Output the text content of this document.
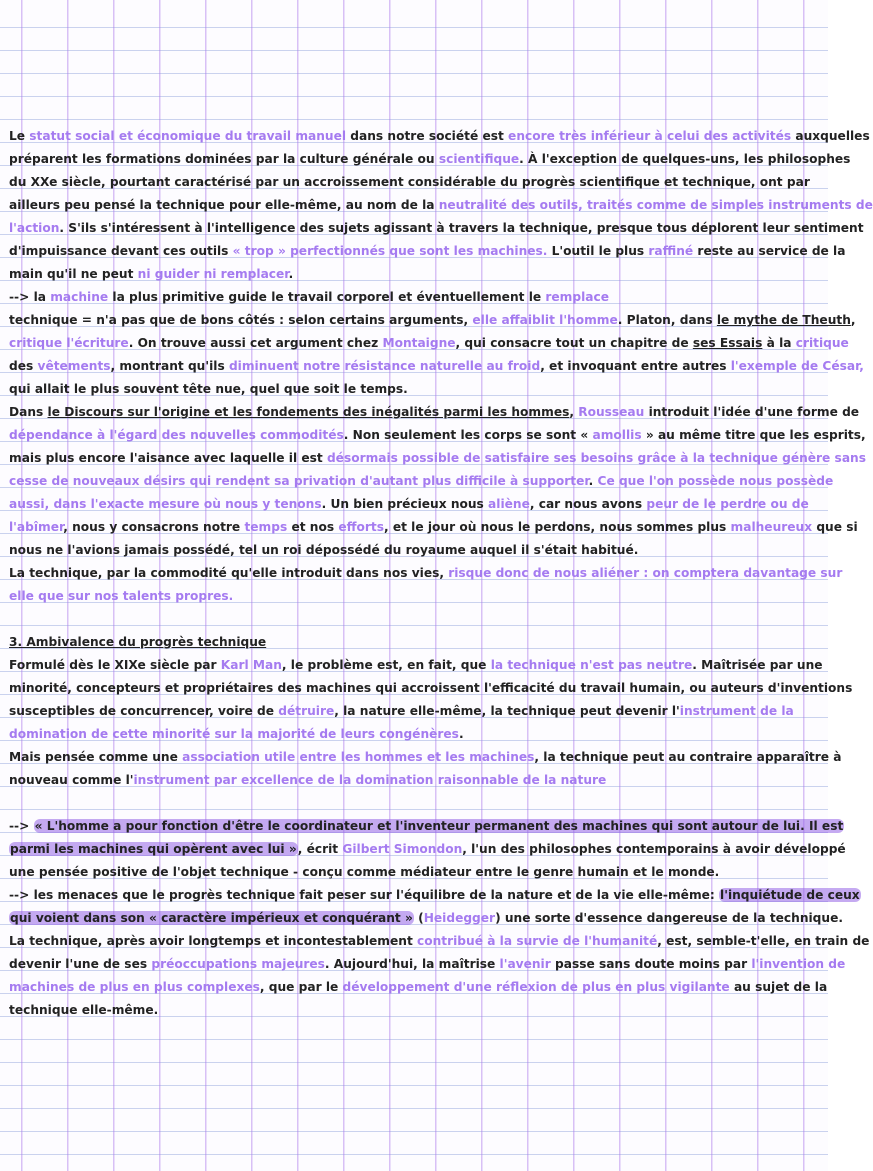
Le statut social et économique du travail manuel dans notre société est encore très inférieur à celui des activités auxquelles
préparent les formations dominées par la culture générale ou scientifique. À l'exception de quelques-uns, les philosophes
du XXe siècle, pourtant caractérisé par un accroissement considérable du progrès scientifique et technique, ont par
ailleurs peu pensé la technique pour elle-même, au nom de la neutralité des outils, traités comme de simples instruments de
l'action. S'ils s'intéressent à l'intelligence des sujets agissant à travers la technique, presque tous déplorent leur sentiment
d'impuissance devant ces outils « trop » perfectionnés que sont les machines. L'outil le plus raffiné reste au service de la
main qu'il ne peut ni guider ni remplacer.
--> la machine la plus primitive guide le travail corporel et éventuellement le remplace
technique = n'a pas que de bons côtés : selon certains arguments, elle affaiblit l'homme. Platon, dans le mythe de Theuth,
critique l'écriture. On trouve aussi cet argument chez Montaigne, qui consacre tout un chapitre de ses Essais à la critique
des vêtements, montrant qu'ils diminuent notre résistance naturelle au froid, et invoquant entre autres l'exemple de César,
qui allait le plus souvent tête nue, quel que soit le temps.
Dans le Discours sur l'origine et les fondements des inégalités parmi les hommes, Rousseau introduit l'idée d'une forme de
dépendance à l'égard des nouvelles commodités. Non seulement les corps se sont « amollis » au même titre que les esprits,
mais plus encore l'aisance avec laquelle il est désormais possible de satisfaire ses besoins grâce à la technique génère sans
cesse de nouveaux désirs qui rendent sa privation d'autant plus difficile à supporter. Ce que l'on possède nous possède
aussi, dans l'exacte mesure où nous y tenons. Un bien précieux nous aliène, car nous avons peur de le perdre ou de
l'abîmer, nous y consacrons notre temps et nos efforts, et le jour où nous le perdons, nous sommes plus malheureux que si
nous ne l'avions jamais possédé, tel un roi dépossédé du royaume auquel il s'était habitué.
La technique, par la commodité qu'elle introduit dans nos vies, risque donc de nous aliéner : on comptera davantage sur
elle que sur nos talents propres.
3. Ambivalence du progrès technique
Formulé dès le XIXe siècle par Karl Man, le problème est, en fait, que la technique n'est pas neutre. Maîtrisée par une
minorité, concepteurs et propriétaires des machines qui accroissent l'efficacité du travail humain, ou auteurs d'inventions
susceptibles de concurrencer, voire de détruire, la nature elle-même, la technique peut devenir l'instrument de la
domination de cette minorité sur la majorité de leurs congénères.
Mais pensée comme une association utile entre les hommes et les machines, la technique peut au contraire apparaître à
nouveau comme l'instrument par excellence de la domination raisonnable de la nature
--> « L'homme a pour fonction d'être le coordinateur et l'inventeur permanent des machines qui sont autour de lui. Il est
parmi les machines qui opèrent avec lui », écrit Gilbert Simondon, l'un des philosophes contemporains à avoir développé
une pensée positive de l'objet technique - conçu comme médiateur entre le genre humain et le monde.
--> les menaces que le progrès technique fait peser sur l'équilibre de la nature et de la vie elle-même: l'inquiétude de ceux
qui voient dans son « caractère impérieux et conquérant » (Heidegger) une sorte d'essence dangereuse de la technique.
La technique, après avoir longtemps et incontestablement contribué à la survie de l'humanité, est, semble-t'elle, en train de
devenir l'une de ses préoccupations majeures. Aujourd'hui, la maîtrise l'avenir passe sans doute moins par l'invention de
machines de plus en plus complexes, que par le développement d'une réflexion de plus en plus vigilante au sujet de la
technique elle-même.
